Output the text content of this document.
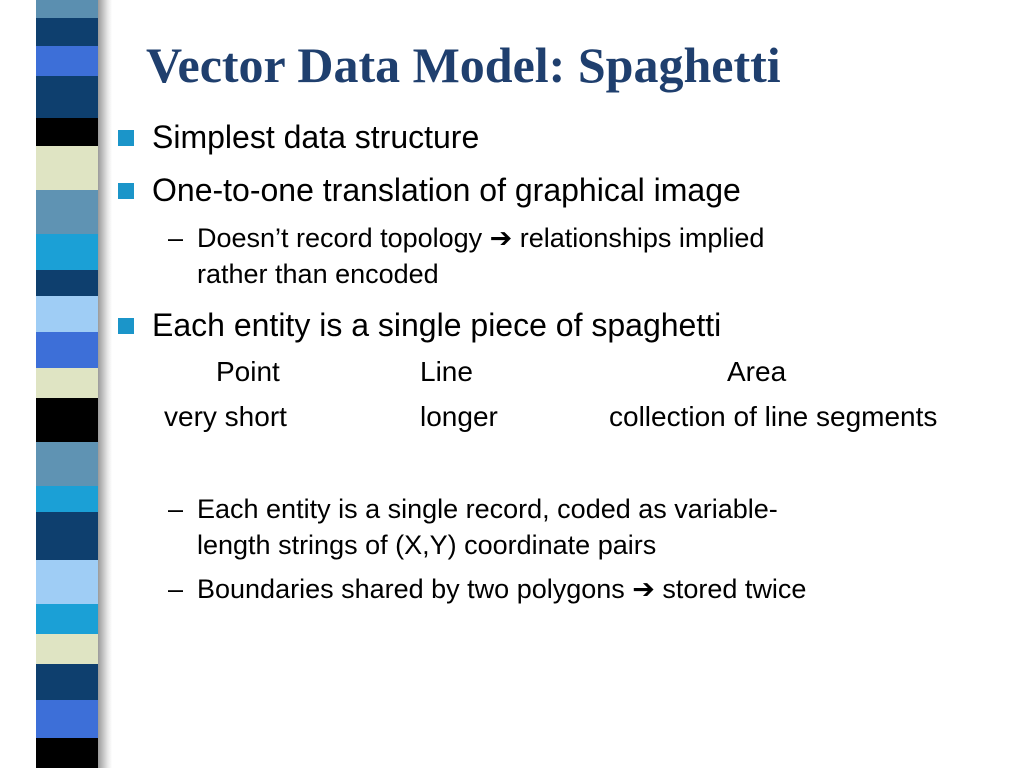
Vector Data Model: Spaghetti
Simplest data structure
One-to-one translation of graphical image
– Doesn’t record topology ➔ relationships implied
rather than encoded
Each entity is a single piece of spaghetti
Point	Line	Area
very short	longer	collection of line segments
– Each entity is a single record, coded as variable-
length strings of (X,Y) coordinate pairs
– Boundaries shared by two polygons ➔ stored twice
